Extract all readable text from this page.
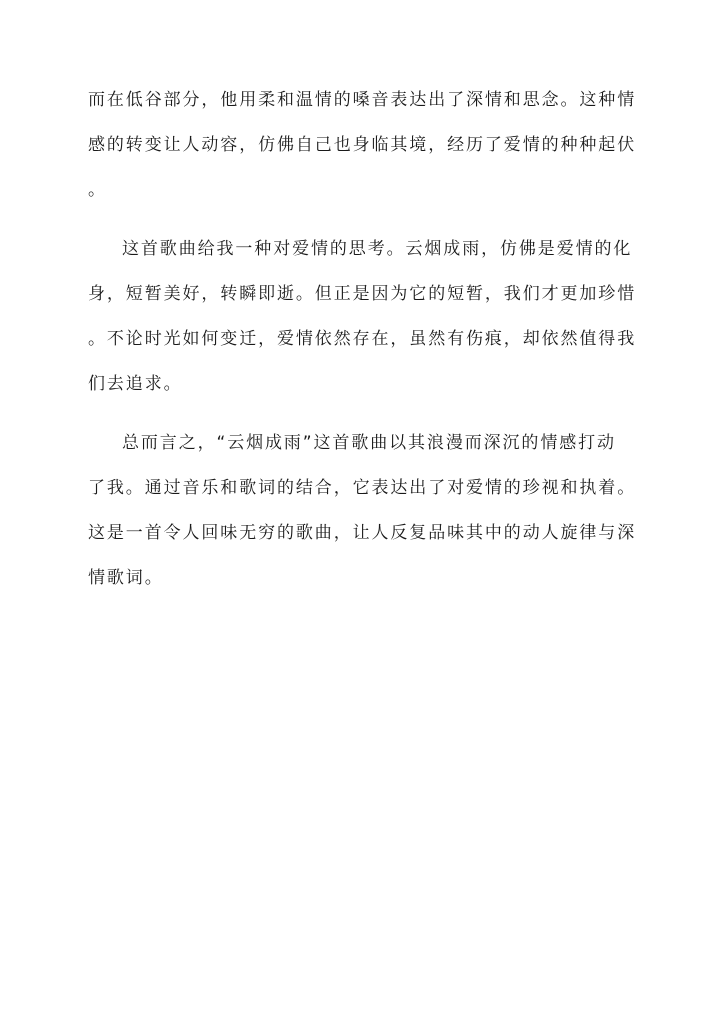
而在低谷部分，他用柔和温情的嗓音表达出了深情和思念。这种情
感的转变让人动容，仿佛自己也身临其境，经历了爱情的种种起伏
。
这首歌曲给我一种对爱情的思考。云烟成雨，仿佛是爱情的化
身，短暂美好，转瞬即逝。但正是因为它的短暂，我们才更加珍惜
。不论时光如何变迁，爱情依然存在，虽然有伤痕，却依然值得我
们去追求。
总而言之，“云烟成雨”这首歌曲以其浪漫而深沉的情感打动
了我。通过音乐和歌词的结合，它表达出了对爱情的珍视和执着。
这是一首令人回味无穷的歌曲，让人反复品味其中的动人旋律与深
情歌词。
